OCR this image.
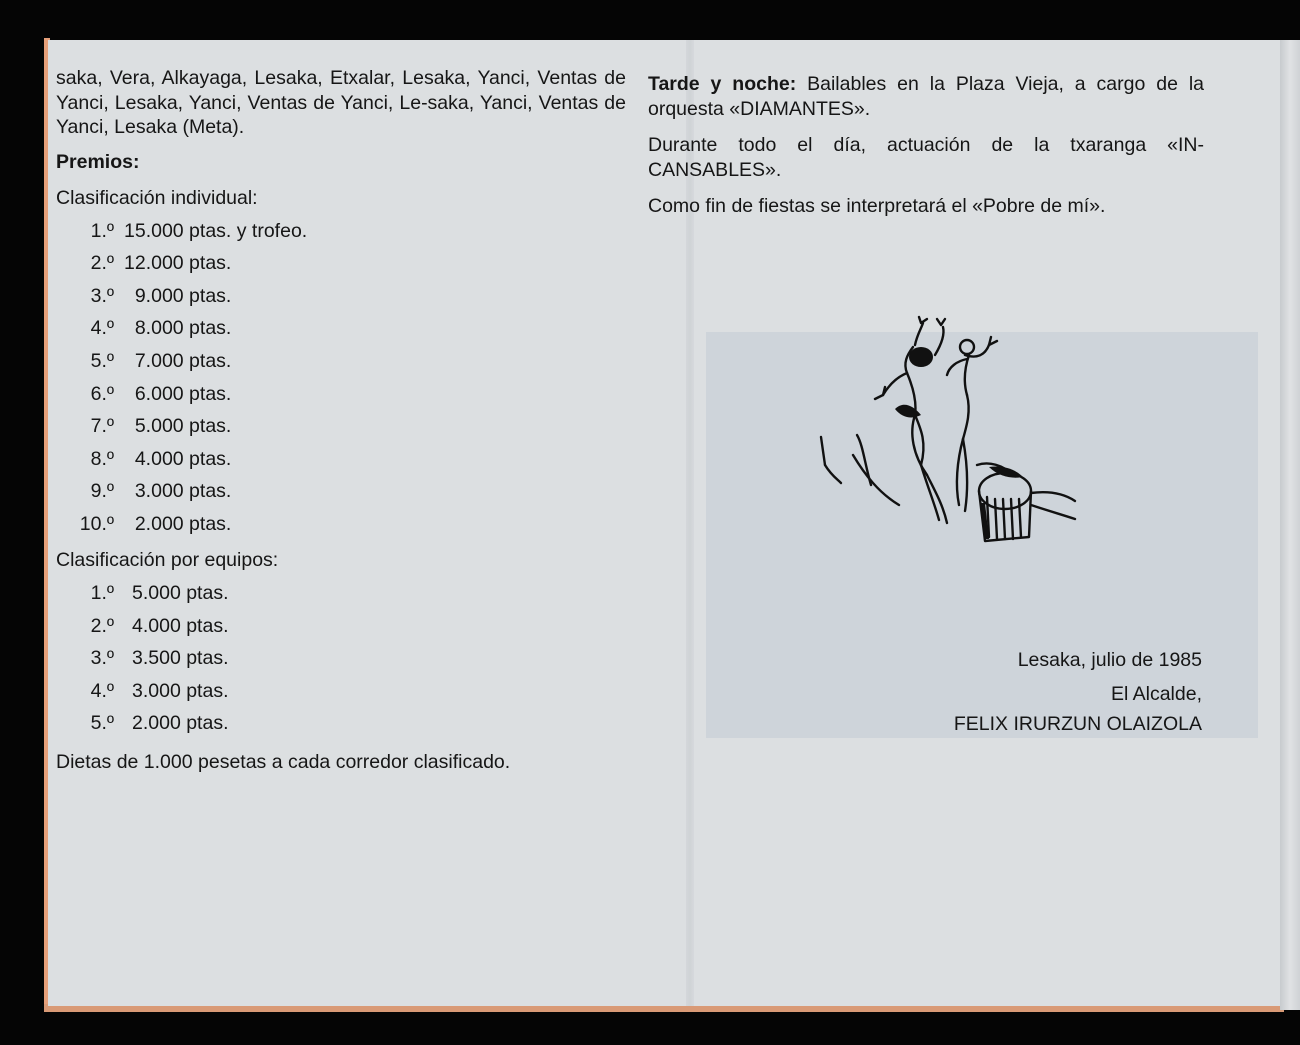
saka, Vera, Alkayaga, Lesaka, Etxalar, Lesaka, Yanci, Ventas de Yanci, Lesaka, Yanci, Ventas de Yanci, Le-saka, Yanci, Ventas de Yanci, Lesaka (Meta).

Premios:

Clasificación individual:

1.º 15.000 ptas. y trofeo.
2.º 12.000 ptas.
3.º 9.000 ptas.
4.º 8.000 ptas.
5.º 7.000 ptas.
6.º 6.000 ptas.
7.º 5.000 ptas.
8.º 4.000 ptas.
9.º 3.000 ptas.
10.º 2.000 ptas.

Clasificación por equipos:

1.º 5.000 ptas.
2.º 4.000 ptas.
3.º 3.500 ptas.
4.º 3.000 ptas.
5.º 2.000 ptas.

Dietas de 1.000 pesetas a cada corredor clasificado.

Tarde y noche: Bailables en la Plaza Vieja, a cargo de la orquesta «DIAMANTES».

Durante todo el día, actuación de la txaranga «IN-CANSABLES».

Como fin de fiestas se interpretará el «Pobre de mí».

Lesaka, julio de 1985
El Alcalde,
FELIX IRURZUN OLAIZOLA
